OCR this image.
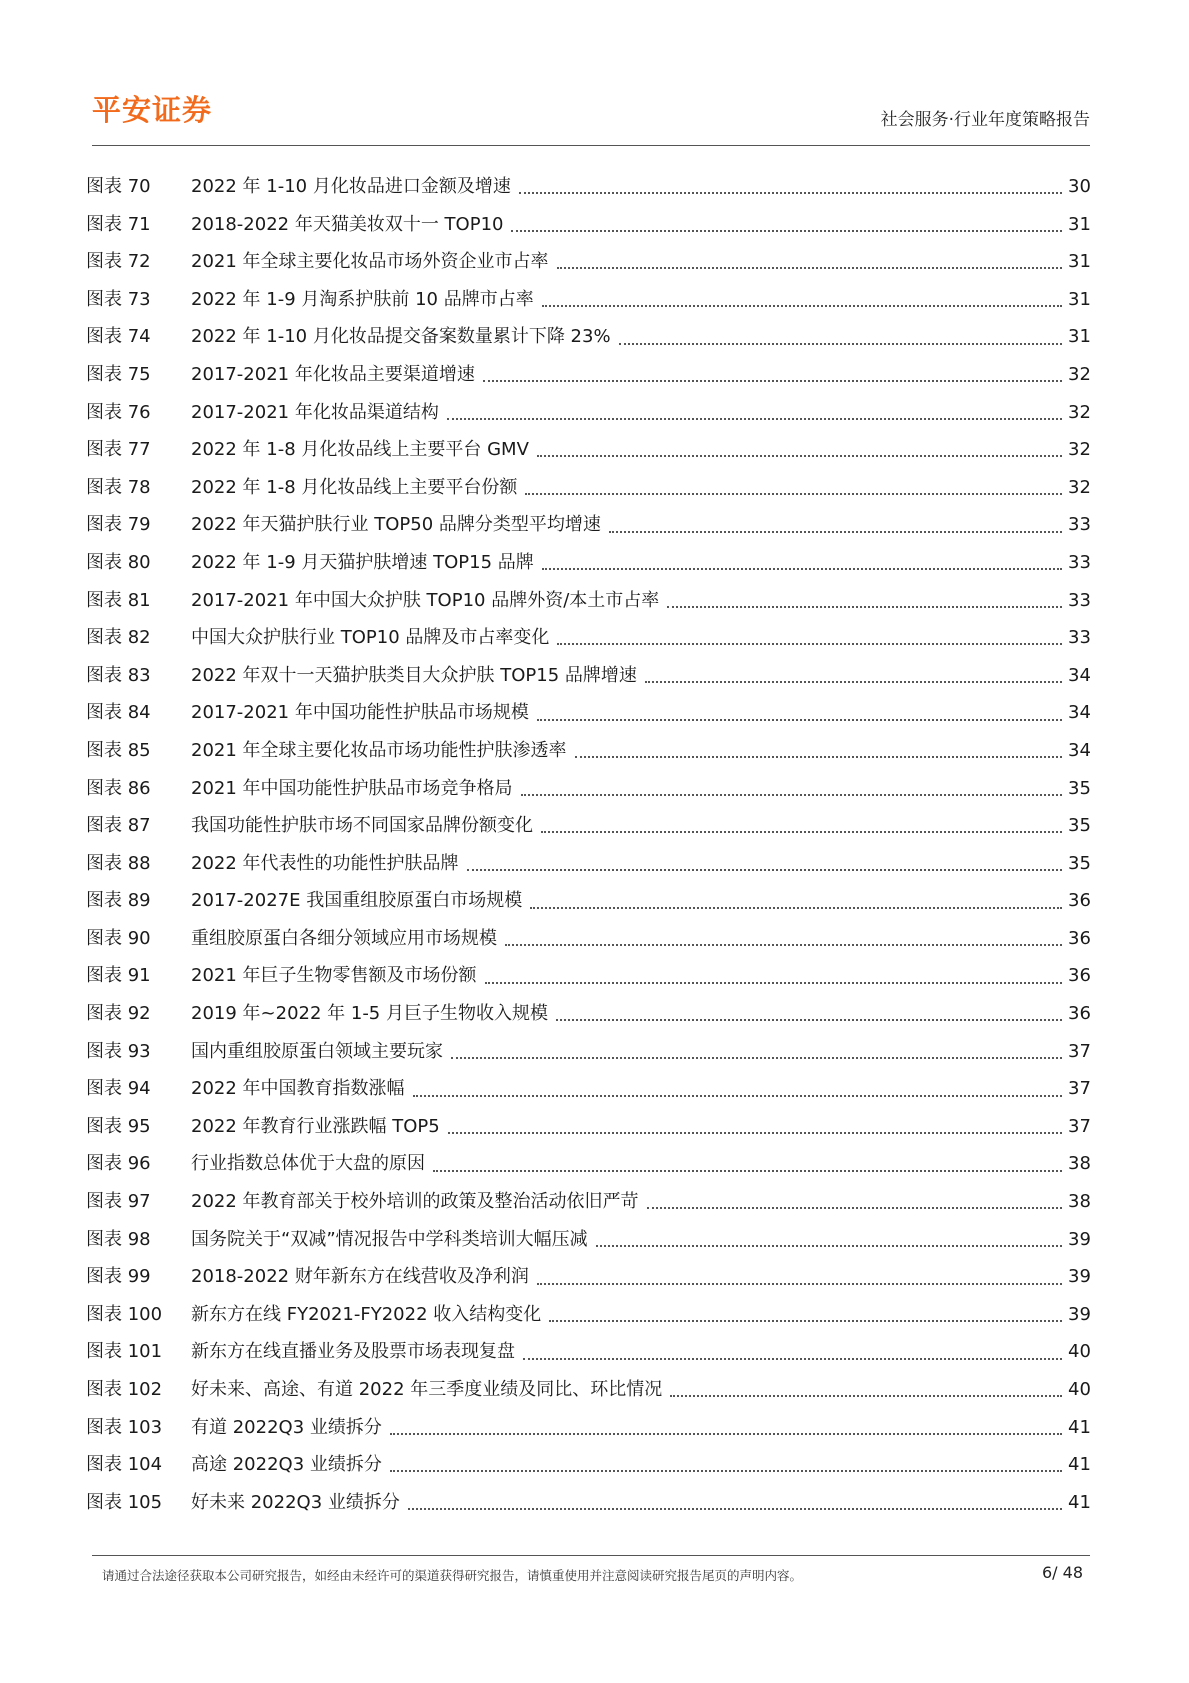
平安证券	社会服务·行业年度策略报告
图表 70	2022 年 1-10 月化妆品进口金额及增速	30
图表 71	2018-2022 年天猫美妆双十一 TOP10	31
图表 72	2021 年全球主要化妆品市场外资企业市占率	31
图表 73	2022 年 1-9 月淘系护肤前 10 品牌市占率	31
图表 74	2022 年 1-10 月化妆品提交备案数量累计下降 23%	31
图表 75	2017-2021 年化妆品主要渠道增速	32
图表 76	2017-2021 年化妆品渠道结构	32
图表 77	2022 年 1-8 月化妆品线上主要平台 GMV	32
图表 78	2022 年 1-8 月化妆品线上主要平台份额	32
图表 79	2022 年天猫护肤行业 TOP50 品牌分类型平均增速	33
图表 80	2022 年 1-9 月天猫护肤增速 TOP15 品牌	33
图表 81	2017-2021 年中国大众护肤 TOP10 品牌外资/本土市占率	33
图表 82	中国大众护肤行业 TOP10 品牌及市占率变化	33
图表 83	2022 年双十一天猫护肤类目大众护肤 TOP15 品牌增速	34
图表 84	2017-2021 年中国功能性护肤品市场规模	34
图表 85	2021 年全球主要化妆品市场功能性护肤渗透率	34
图表 86	2021 年中国功能性护肤品市场竞争格局	35
图表 87	我国功能性护肤市场不同国家品牌份额变化	35
图表 88	2022 年代表性的功能性护肤品牌	35
图表 89	2017-2027E 我国重组胶原蛋白市场规模	36
图表 90	重组胶原蛋白各细分领域应用市场规模	36
图表 91	2021 年巨子生物零售额及市场份额	36
图表 92	2019 年~2022 年 1-5 月巨子生物收入规模	36
图表 93	国内重组胶原蛋白领域主要玩家	37
图表 94	2022 年中国教育指数涨幅	37
图表 95	2022 年教育行业涨跌幅 TOP5	37
图表 96	行业指数总体优于大盘的原因	38
图表 97	2022 年教育部关于校外培训的政策及整治活动依旧严苛	38
图表 98	国务院关于“双减”情况报告中学科类培训大幅压减	39
图表 99	2018-2022 财年新东方在线营收及净利润	39
图表 100	新东方在线 FY2021-FY2022 收入结构变化	39
图表 101	新东方在线直播业务及股票市场表现复盘	40
图表 102	好未来、高途、有道 2022 年三季度业绩及同比、环比情况	40
图表 103	有道 2022Q3 业绩拆分	41
图表 104	高途 2022Q3 业绩拆分	41
图表 105	好未来 2022Q3 业绩拆分	41
请通过合法途径获取本公司研究报告，如经由未经许可的渠道获得研究报告，请慎重使用并注意阅读研究报告尾页的声明内容。	6/ 48
